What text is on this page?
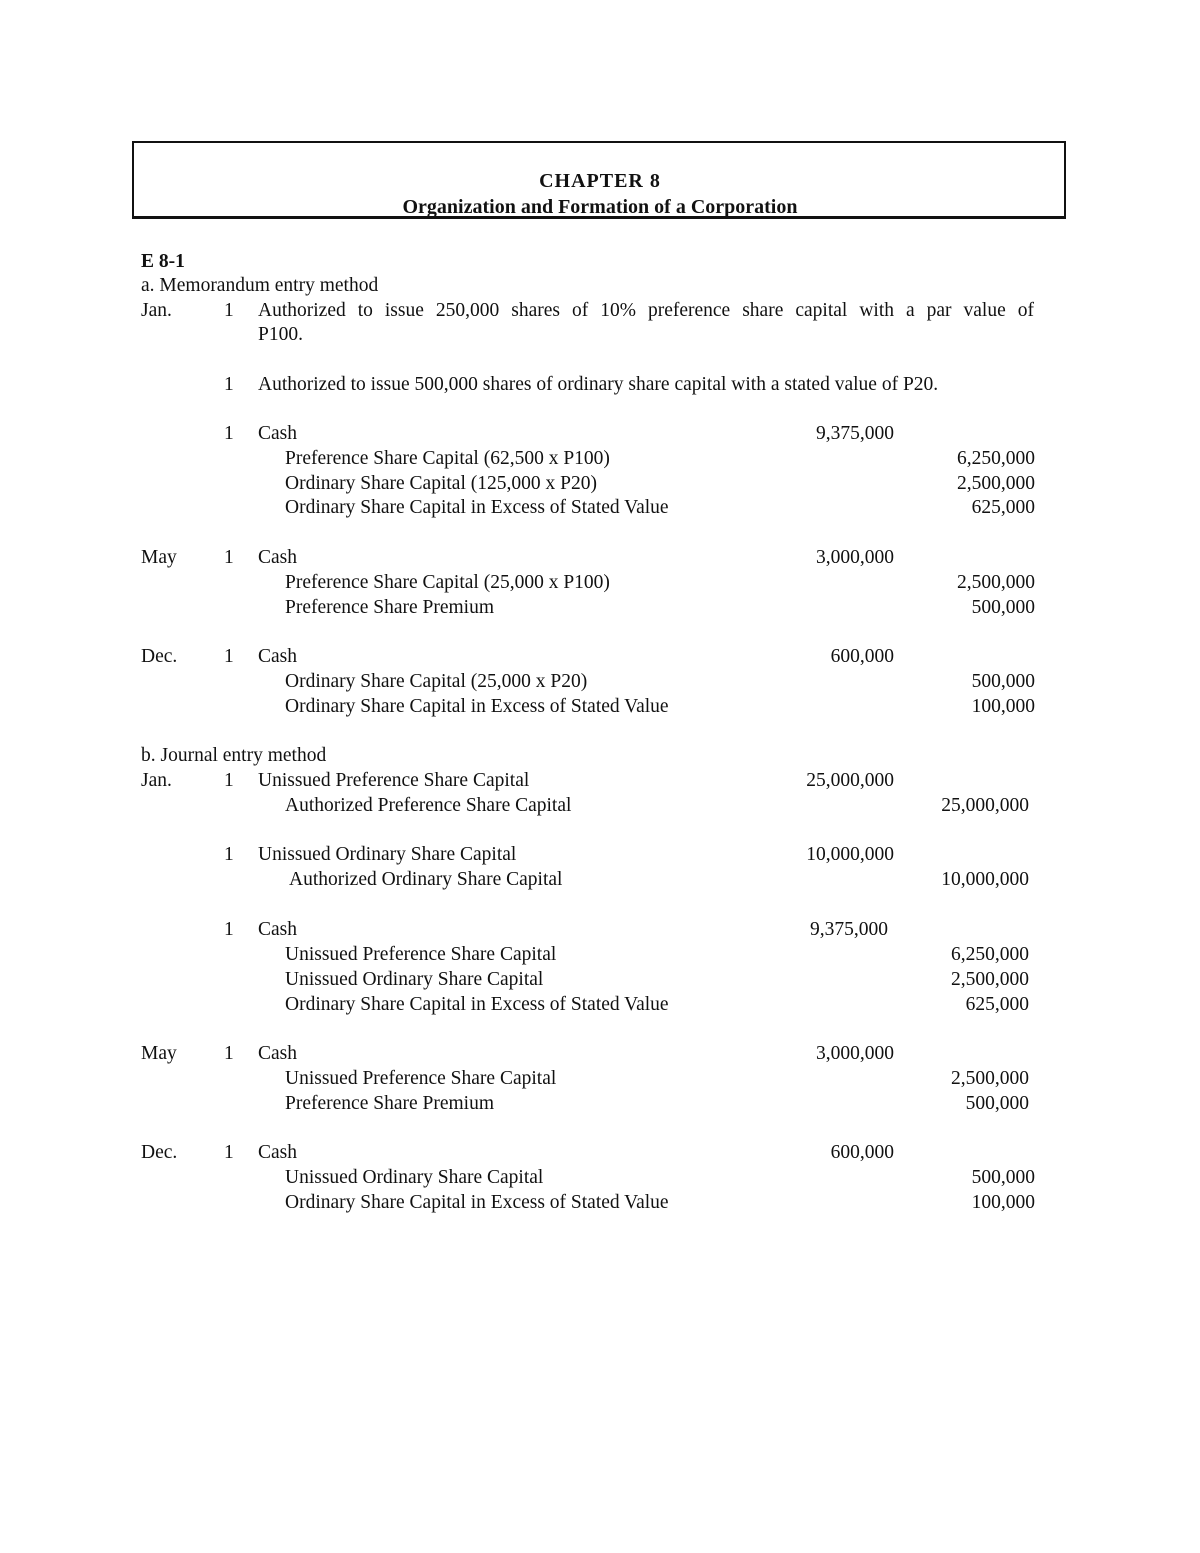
CHAPTER 8
Organization and Formation of a Corporation
E 8-1
a. Memorandum entry method
Jan.	1 Authorized to issue 250,000 shares of 10% preference share capital with a par value of
P100.
1 Authorized to issue 500,000 shares of ordinary share capital with a stated value of P20.
1 Cash	9,375,000
Preference Share Capital (62,500 x P100)	6,250,000
Ordinary Share Capital (125,000 x P20)	2,500,000
Ordinary Share Capital in Excess of Stated Value	625,000
May 1 Cash	3,000,000
Preference Share Capital (25,000 x P100)	2,500,000
Preference Share Premium	500,000
Dec. 1 Cash	600,000
Ordinary Share Capital (25,000 x P20)	500,000
Ordinary Share Capital in Excess of Stated Value	100,000
b. Journal entry method
Jan.	1 Unissued Preference Share Capital	25,000,000
Authorized Preference Share Capital	25,000,000
1 Unissued Ordinary Share Capital	10,000,000
Authorized Ordinary Share Capital	10,000,000
1 Cash	9,375,000
Unissued Preference Share Capital	6,250,000
Unissued Ordinary Share Capital	2,500,000
Ordinary Share Capital in Excess of Stated Value	625,000
May 1 Cash	3,000,000
Unissued Preference Share Capital	2,500,000
Preference Share Premium	500,000
Dec. 1 Cash	600,000
Unissued Ordinary Share Capital	500,000
Ordinary Share Capital in Excess of Stated Value	100,000
